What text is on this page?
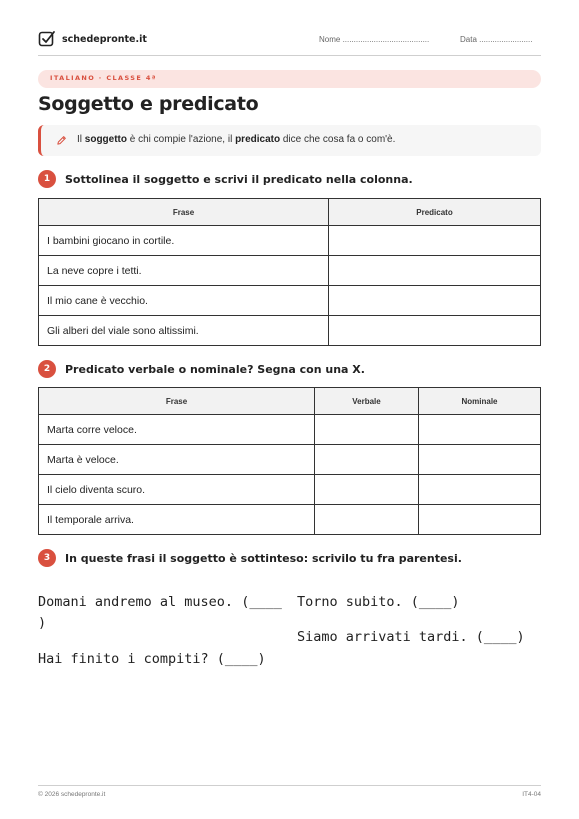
schedepronte.it	Nome .......................................	Data ........................
ITALIANO · CLASSE 4ª
Soggetto e predicato

Il soggetto è chi compie l'azione, il predicato dice che cosa fa o com'è.

1	Sottolinea il soggetto e scrivi il predicato nella colonna.
Frase	Predicato
I bambini giocano in cortile.	
La neve copre i tetti.	
Il mio cane è vecchio.	
Gli alberi del viale sono altissimi.	
2	Predicato verbale o nominale? Segna con una X.
Frase	Verbale	Nominale
Marta corre veloce.		
Marta è veloce.		
Il cielo diventa scuro.		
Il temporale arriva.		
3	In queste frasi il soggetto è sottinteso: scrivilo tu fra parentesi.
Domani andremo al museo. (____
)
Torno subito. (____)
Siamo arrivati tardi. (____)
Hai finito i compiti? (____)
© 2026 schedepronte.it	IT4-04
